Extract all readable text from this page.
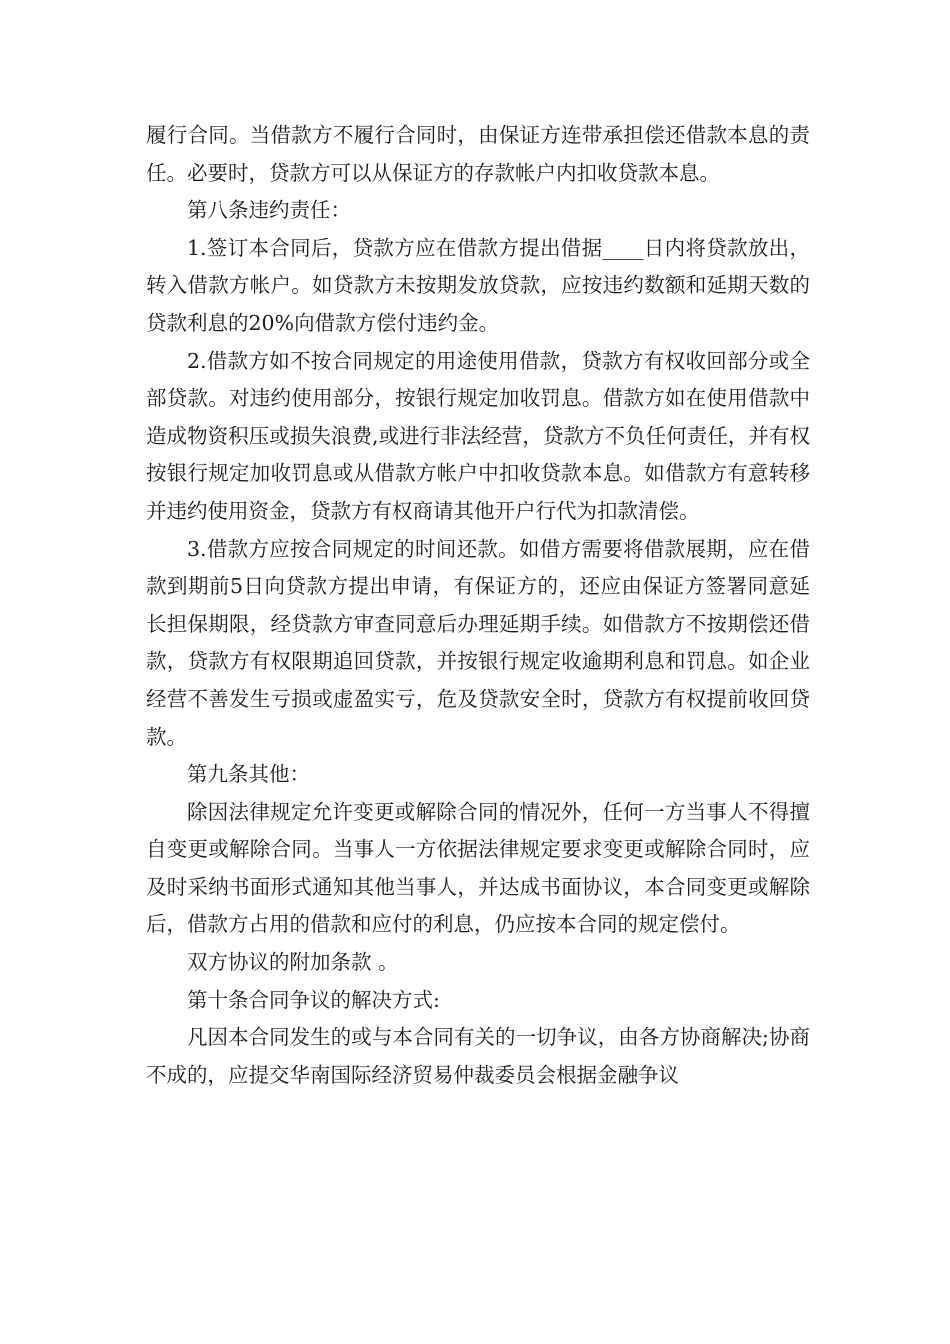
履行合同。当借款方不履行合同时，由保证方连带承担偿还借款本息的责任。必要时，贷款方可以从保证方的存款帐户内扣收贷款本息。

第八条违约责任：

1.签订本合同后，贷款方应在借款方提出借据____日内将贷款放出，转入借款方帐户。如贷款方未按期发放贷款，应按违约数额和延期天数的贷款利息的20%向借款方偿付违约金。

2.借款方如不按合同规定的用途使用借款，贷款方有权收回部分或全部贷款。对违约使用部分，按银行规定加收罚息。借款方如在使用借款中造成物资积压或损失浪费,或进行非法经营，贷款方不负任何责任，并有权按银行规定加收罚息或从借款方帐户中扣收贷款本息。如借款方有意转移并违约使用资金，贷款方有权商请其他开户行代为扣款清偿。

3.借款方应按合同规定的时间还款。如借方需要将借款展期，应在借款到期前5日向贷款方提出申请，有保证方的，还应由保证方签署同意延长担保期限，经贷款方审查同意后办理延期手续。如借款方不按期偿还借款，贷款方有权限期追回贷款，并按银行规定收逾期利息和罚息。如企业经营不善发生亏损或虚盈实亏，危及贷款安全时，贷款方有权提前收回贷款。

第九条其他：

除因法律规定允许变更或解除合同的情况外，任何一方当事人不得擅自变更或解除合同。当事人一方依据法律规定要求变更或解除合同时，应及时采纳书面形式通知其他当事人，并达成书面协议，本合同变更或解除后，借款方占用的借款和应付的利息，仍应按本合同的规定偿付。

双方协议的附加条款 。

第十条合同争议的解决方式:

凡因本合同发生的或与本合同有关的一切争议，由各方协商解决;协商不成的，应提交华南国际经济贸易仲裁委员会根据金融争议
